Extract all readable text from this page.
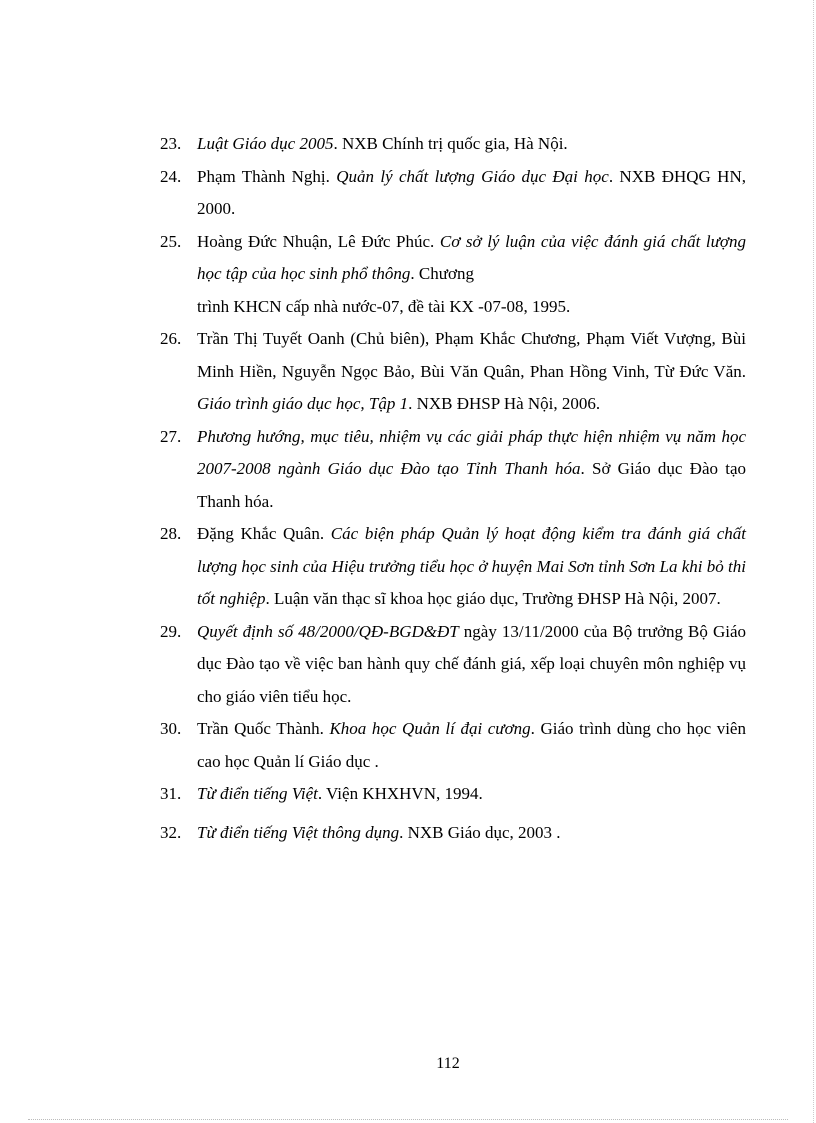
23. Luật Giáo dục 2005. NXB Chính trị quốc gia, Hà Nội.
24. Phạm Thành Nghị. Quản lý chất lượng Giáo dục Đại học. NXB ĐHQG HN, 2000.
25. Hoàng Đức Nhuận, Lê Đức Phúc. Cơ sở lý luận của việc đánh giá chất lượng học tập của học sinh phổ thông. Chương
trình KHCN cấp nhà nước-07, đề tài KX -07-08, 1995.
26. Trần Thị Tuyết Oanh (Chủ biên), Phạm Khắc Chương, Phạm Viết Vượng, Bùi Minh Hiền, Nguyễn Ngọc Bảo, Bùi Văn Quân, Phan Hồng Vinh, Từ Đức Văn. Giáo trình giáo dục học, Tập 1. NXB ĐHSP Hà Nội, 2006.
27. Phương hướng, mục tiêu, nhiệm vụ các giải pháp thực hiện nhiệm vụ năm học 2007-2008 ngành Giáo dục Đào tạo Tỉnh Thanh hóa. Sở Giáo dục Đào tạo Thanh hóa.
28. Đặng Khắc Quân. Các biện pháp Quản lý hoạt động kiểm tra đánh giá chất lượng học sinh của Hiệu trưởng tiểu học ở huyện Mai Sơn tỉnh Sơn La khi bỏ thi tốt nghiệp. Luận văn thạc sĩ khoa học giáo dục, Trường ĐHSP Hà Nội, 2007.
29. Quyết định số 48/2000/QĐ-BGD&ĐT ngày 13/11/2000 của Bộ trưởng Bộ Giáo dục Đào tạo về việc ban hành quy chế đánh giá, xếp loại chuyên môn nghiệp vụ cho giáo viên tiểu học.
30. Trần Quốc Thành. Khoa học Quản lí đại cương. Giáo trình dùng cho học viên cao học Quản lí Giáo dục .
31. Từ điển tiếng Việt. Viện KHXHVN, 1994.
32. Từ điển tiếng Việt thông dụng. NXB Giáo dục, 2003 .
112
